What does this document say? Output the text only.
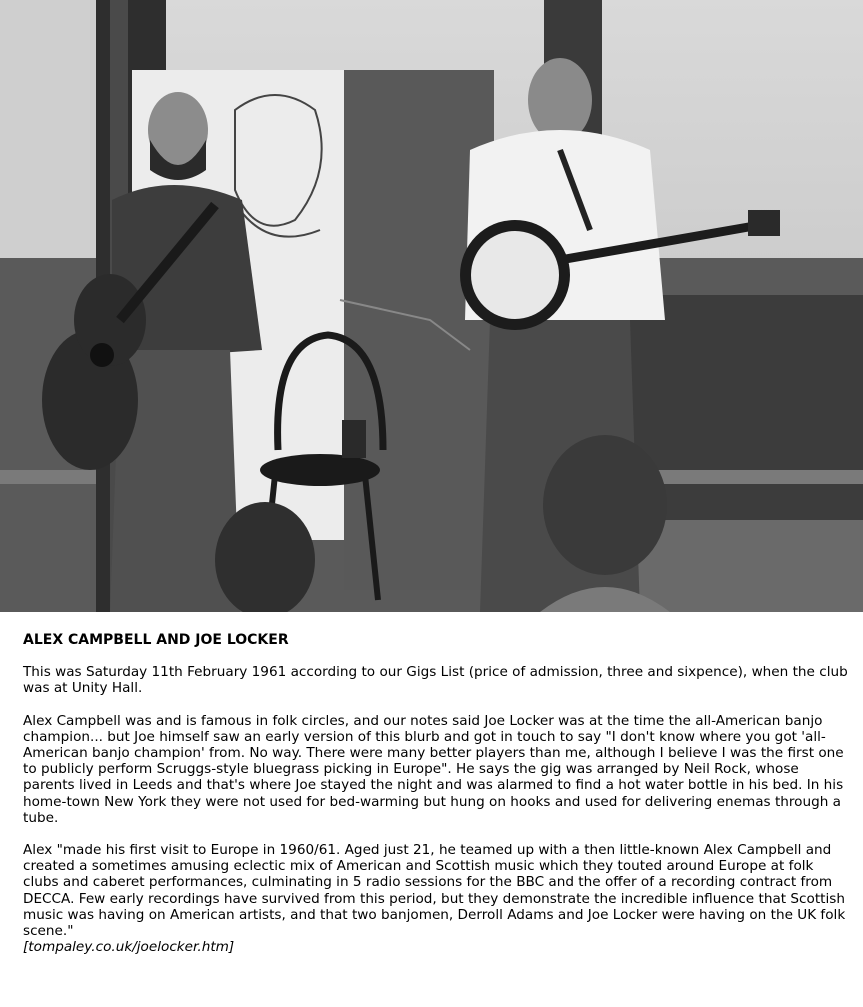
ALEX CAMPBELL AND JOE LOCKER
This was Saturday 11th February 1961 according to our Gigs List (price of admission, three and sixpence), when the club was at Unity Hall.
Alex Campbell was and is famous in folk circles, and our notes said Joe Locker was at the time the all-American banjo champion... but Joe himself saw an early version of this blurb and got in touch to say "I don't know where you got 'all-American banjo champion' from. No way. There were many better players than me, although I believe I was the first one to publicly perform Scruggs-style bluegrass picking in Europe". He says the gig was arranged by Neil Rock, whose parents lived in Leeds and that's where Joe stayed the night and was alarmed to find a hot water bottle in his bed. In his home-town New York they were not used for bed-warming but hung on hooks and used for delivering enemas through a tube.
Alex "made his first visit to Europe in 1960/61. Aged just 21, he teamed up with a then little-known Alex Campbell and created a sometimes amusing eclectic mix of American and Scottish music which they touted around Europe at folk clubs and caberet performances, culminating in 5 radio sessions for the BBC and the offer of a recording contract from DECCA. Few early recordings have survived from this period, but they demonstrate the incredible influence that Scottish music was having on American artists, and that two banjomen, Derroll Adams and Joe Locker were having on the UK folk scene."
[tompaley.co.uk/joelocker.htm]
